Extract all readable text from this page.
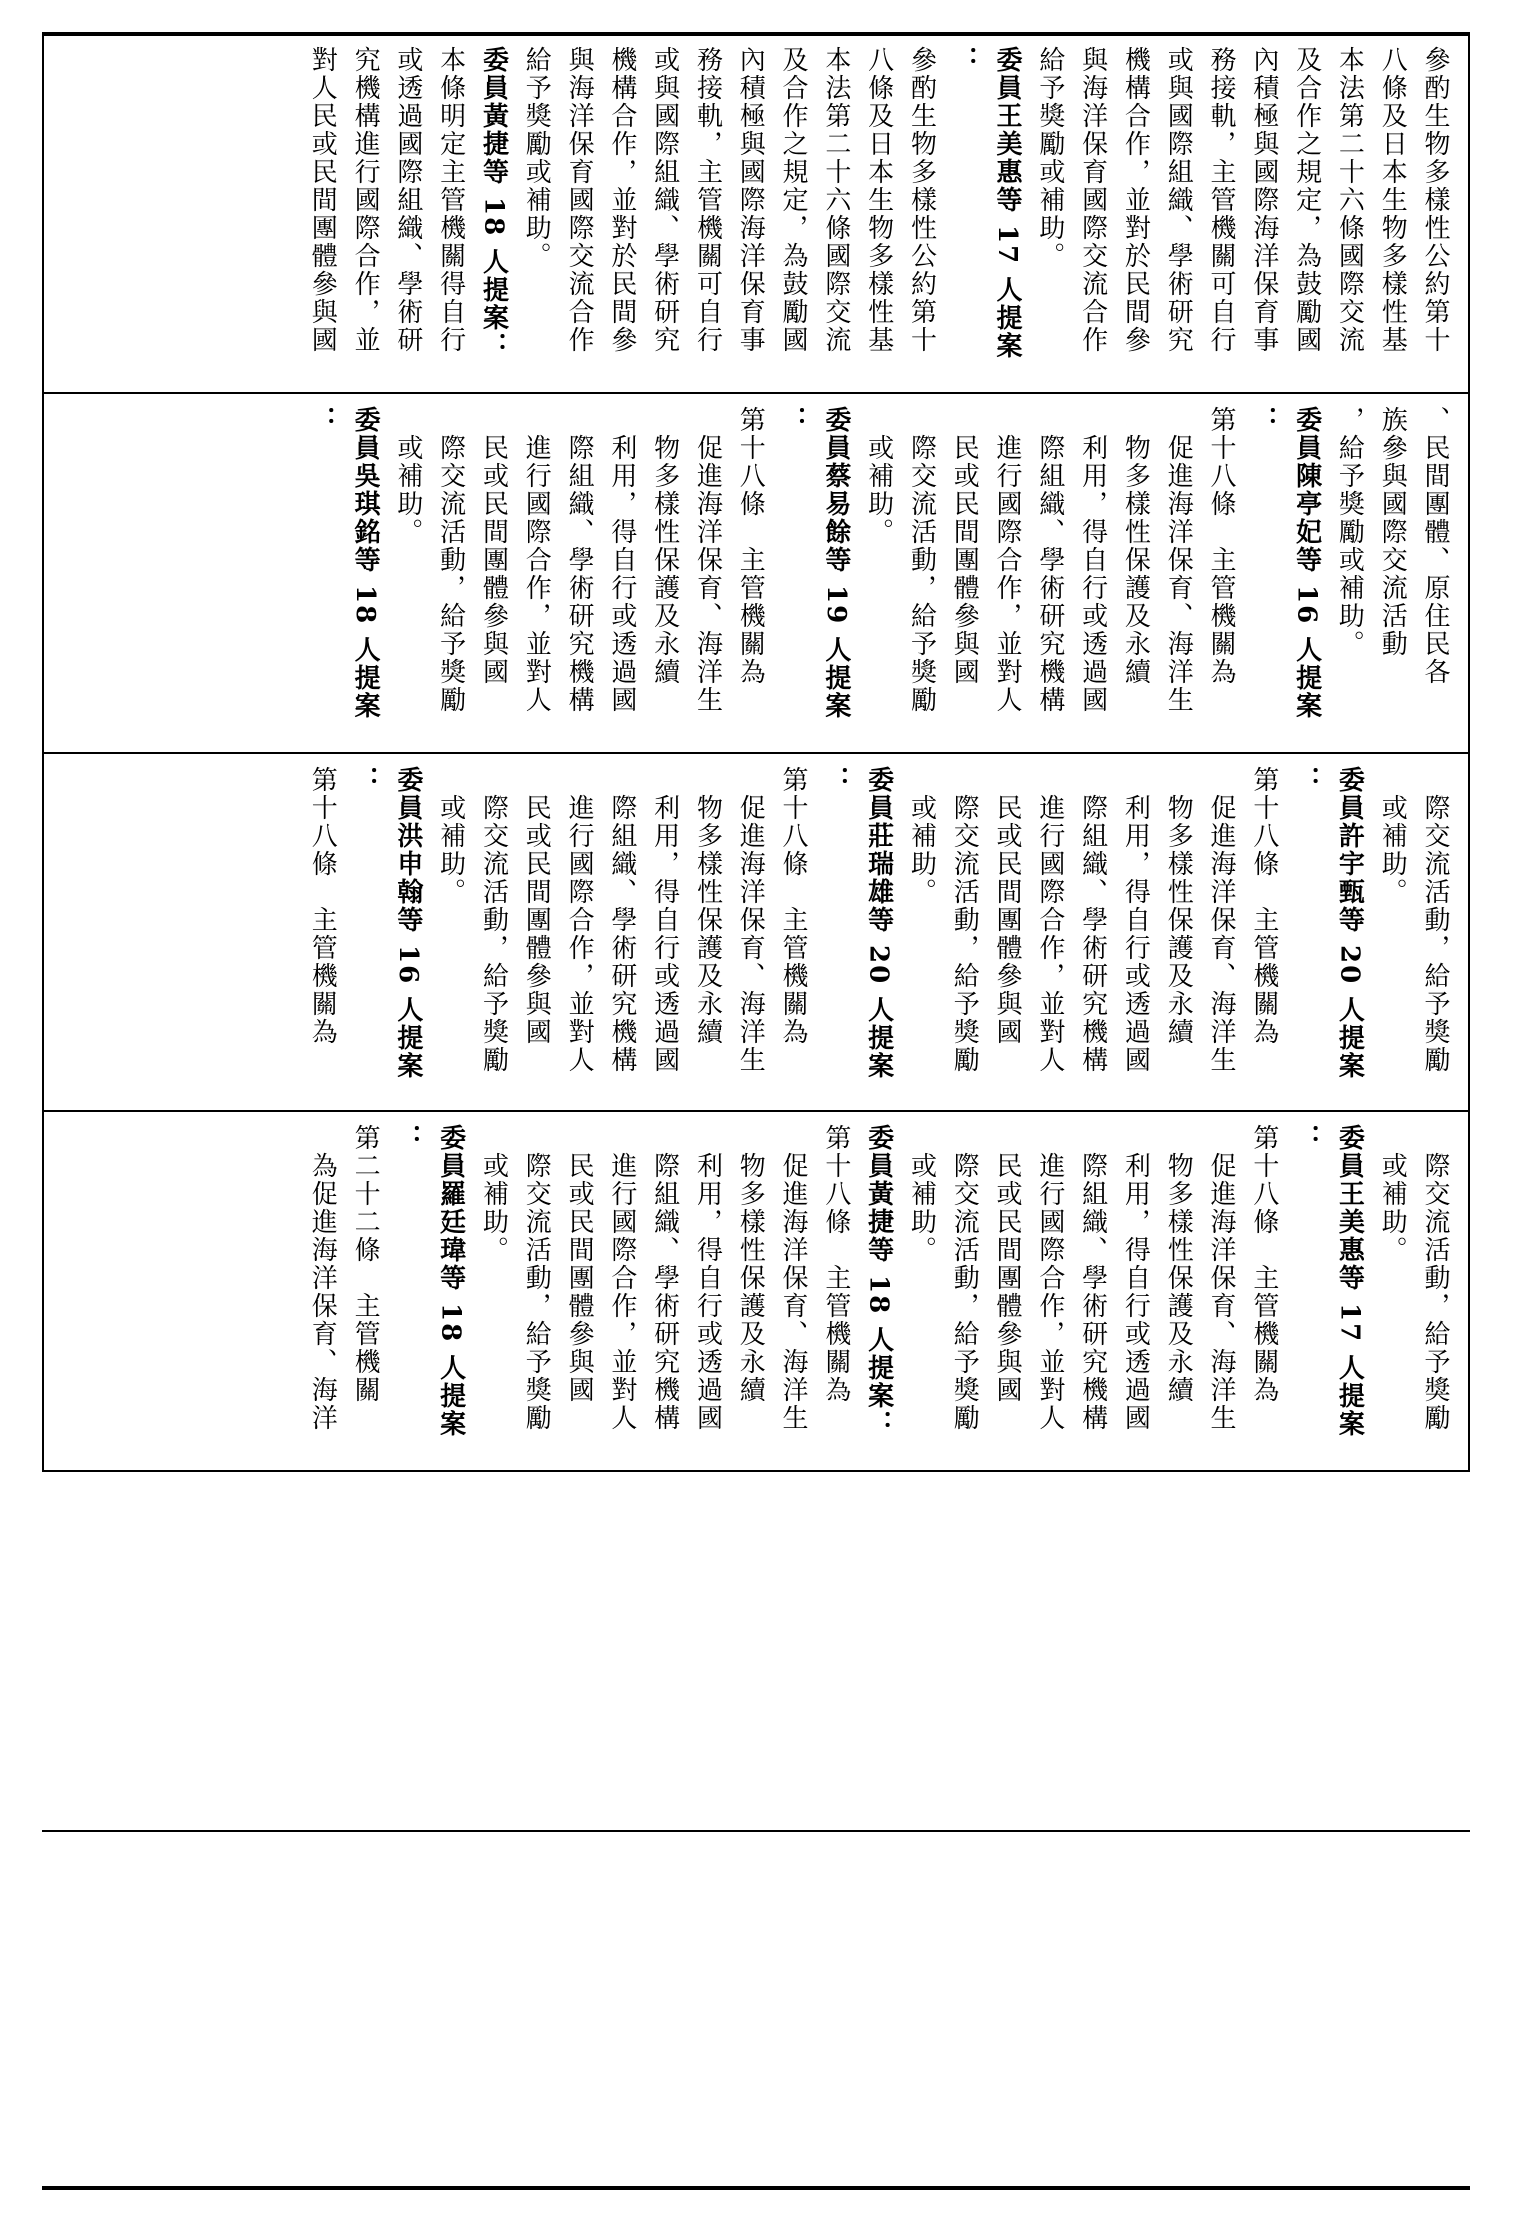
參酌生物多樣性公約第十
八條及日本生物多樣性基
本法第二十六條國際交流
及合作之規定，為鼓勵國
內積極與國際海洋保育事
務接軌，主管機關可自行
或與國際組織、學術研究
機構合作，並對於民間參
與海洋保育國際交流合作
給予獎勵或補助。
委員王美惠等 17 人提案
：
參酌生物多樣性公約第十
八條及日本生物多樣性基
本法第二十六條國際交流
及合作之規定，為鼓勵國
內積極與國際海洋保育事
務接軌，主管機關可自行
或與國際組織、學術研究
機構合作，並對於民間參
與海洋保育國際交流合作
給予獎勵或補助。
委員黃捷等 18 人提案：
本條明定主管機關得自行
或透過國際組織、學術研
究機構進行國際合作，並
對人民或民間團體參與國
、民間團體、原住民各
族參與國際交流活動
，給予獎勵或補助。
委員陳亭妃等 16 人提案
：
第十八條　主管機關為
　促進海洋保育、海洋生
　物多樣性保護及永續
　利用，得自行或透過國
　際組織、學術研究機構
　進行國際合作，並對人
　民或民間團體參與國
　際交流活動，給予獎勵
　或補助。
委員蔡易餘等 19 人提案
：
第十八條　主管機關為
　促進海洋保育、海洋生
　物多樣性保護及永續
　利用，得自行或透過國
　際組織、學術研究機構
　進行國際合作，並對人
　民或民間團體參與國
　際交流活動，給予獎勵
　或補助。
委員吳琪銘等 18 人提案
：
　際交流活動，給予獎勵
　或補助。
委員許宇甄等 20 人提案
：
第十八條　主管機關為
　促進海洋保育、海洋生
　物多樣性保護及永續
　利用，得自行或透過國
　際組織、學術研究機構
　進行國際合作，並對人
　民或民間團體參與國
　際交流活動，給予獎勵
　或補助。
委員莊瑞雄等 20 人提案
：
第十八條　主管機關為
　促進海洋保育、海洋生
　物多樣性保護及永續
　利用，得自行或透過國
　際組織、學術研究機構
　進行國際合作，並對人
　民或民間團體參與國
　際交流活動，給予獎勵
　或補助。
委員洪申翰等 16 人提案
：
第十八條　主管機關為
　際交流活動，給予獎勵
　或補助。
委員王美惠等 17 人提案
：
第十八條　主管機關為
　促進海洋保育、海洋生
　物多樣性保護及永續
　利用，得自行或透過國
　際組織、學術研究機構
　進行國際合作，並對人
　民或民間團體參與國
　際交流活動，給予獎勵
　或補助。
委員黃捷等 18 人提案：
第十八條　主管機關為
　促進海洋保育、海洋生
　物多樣性保護及永續
　利用，得自行或透過國
　際組織、學術研究機構
　進行國際合作，並對人
　民或民間團體參與國
　際交流活動，給予獎勵
　或補助。
委員羅廷瑋等 18 人提案
：
第二十二條　主管機關
　為促進海洋保育、海洋
